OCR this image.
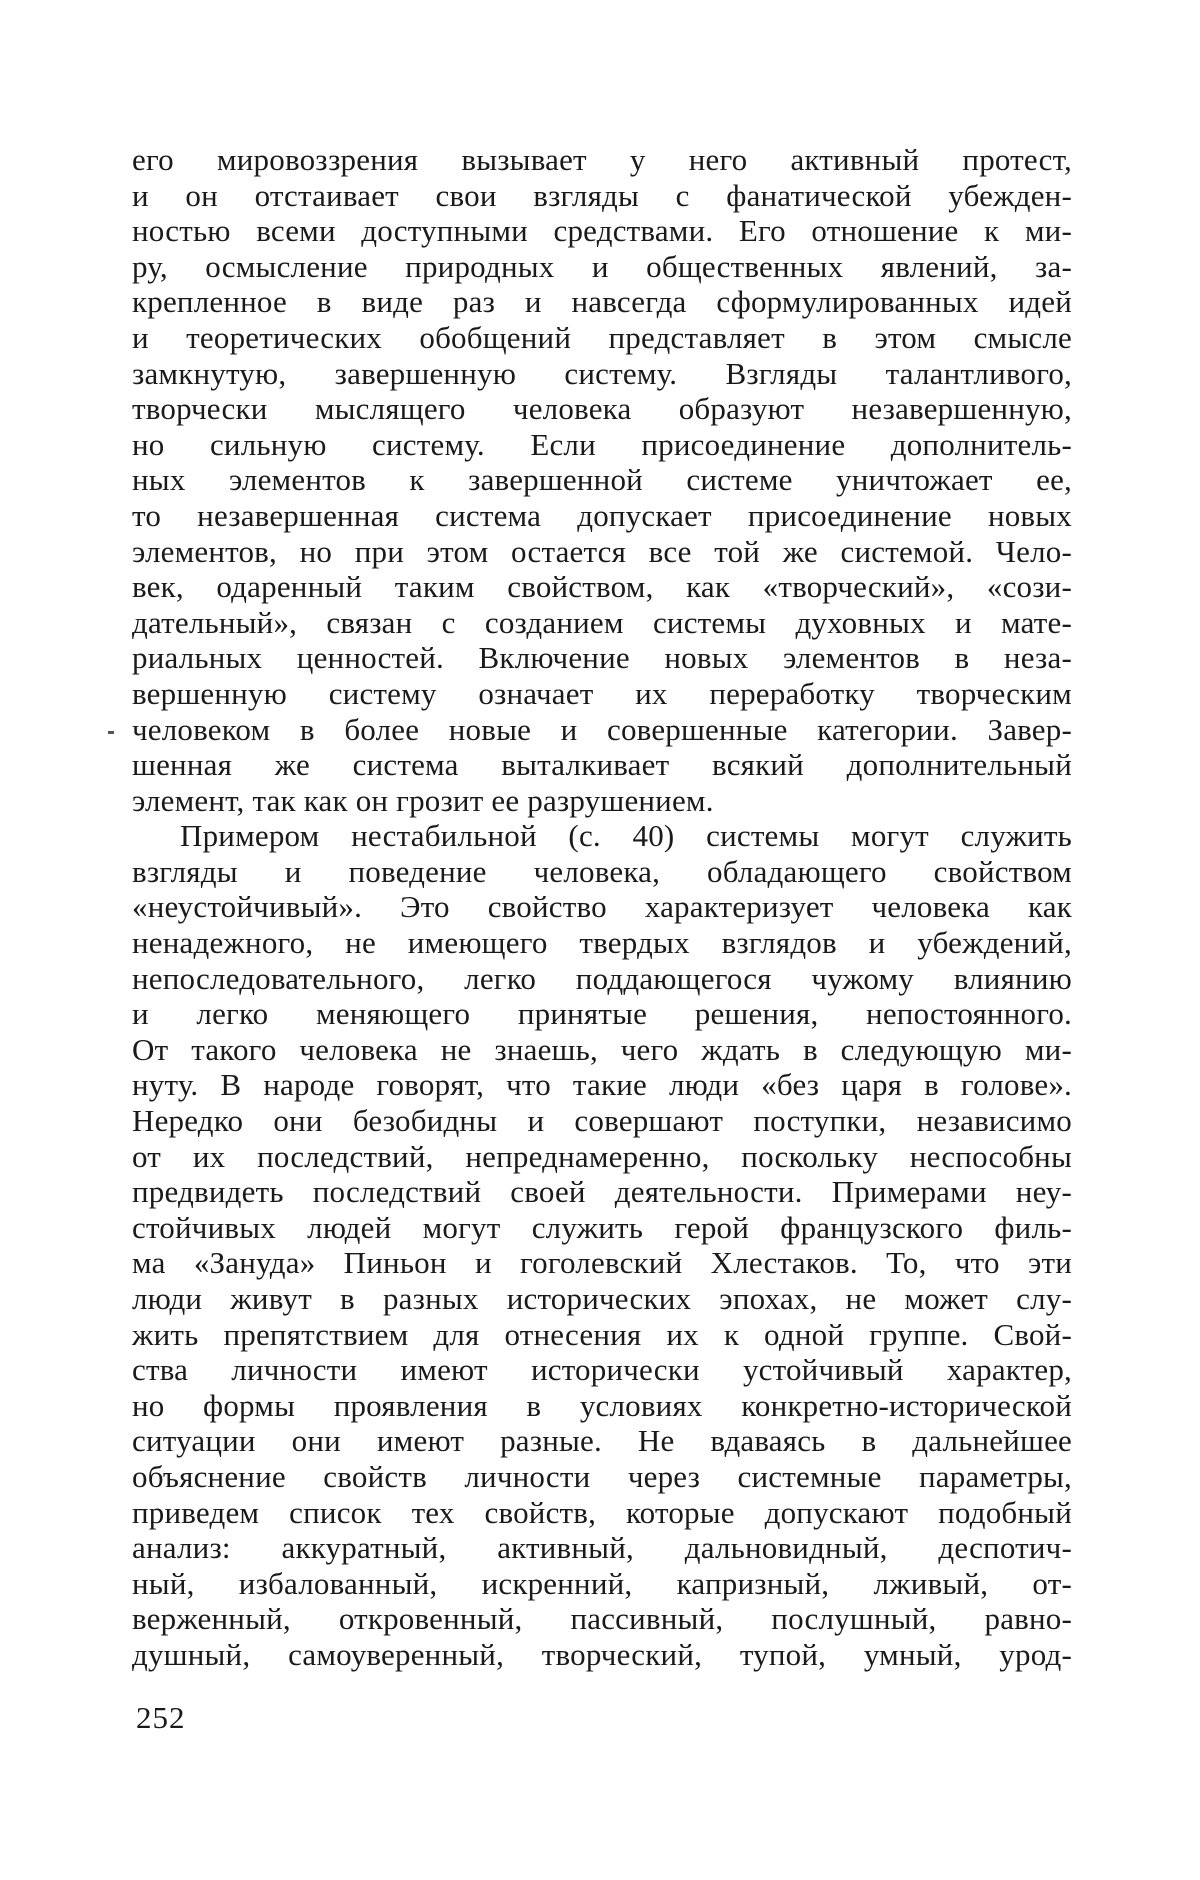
его мировоззрения вызывает у него активный протест,
и он отстаивает свои взгляды с фанатической убежден-
ностью всеми доступными средствами. Его отношение к ми-
ру, осмысление природных и общественных явлений, за-
крепленное в виде раз и навсегда сформулированных идей
и теоретических обобщений представляет в этом смысле
замкнутую, завершенную систему. Взгляды талантливого,
творчески мыслящего человека образуют незавершенную,
но сильную систему. Если присоединение дополнитель-
ных элементов к завершенной системе уничтожает ее,
то незавершенная система допускает присоединение новых
элементов, но при этом остается все той же системой. Чело-
век, одаренный таким свойством, как «творческий», «сози-
дательный», связан с созданием системы духовных и мате-
риальных ценностей. Включение новых элементов в неза-
вершенную систему означает их переработку творческим
человеком в более новые и совершенные категории. Завер-
шенная же система выталкивает всякий дополнительный
элемент, так как он грозит ее разрушением.
Примером нестабильной (с. 40) системы могут служить
взгляды и поведение человека, обладающего свойством
«неустойчивый». Это свойство характеризует человека как
ненадежного, не имеющего твердых взглядов и убеждений,
непоследовательного, легко поддающегося чужому влиянию
и легко меняющего принятые решения, непостоянного.
От такого человека не знаешь, чего ждать в следующую ми-
нуту. В народе говорят, что такие люди «без царя в голове».
Нередко они безобидны и совершают поступки, независимо
от их последствий, непреднамеренно, поскольку неспособны
предвидеть последствий своей деятельности. Примерами неу-
стойчивых людей могут служить герой французского филь-
ма «Зануда» Пиньон и гоголевский Хлестаков. То, что эти
люди живут в разных исторических эпохах, не может слу-
жить препятствием для отнесения их к одной группе. Свой-
ства личности имеют исторически устойчивый характер,
но формы проявления в условиях конкретно-исторической
ситуации они имеют разные. Не вдаваясь в дальнейшее
объяснение свойств личности через системные параметры,
приведем список тех свойств, которые допускают подобный
анализ: аккуратный, активный, дальновидный, деспотич-
ный, избалованный, искренний, капризный, лживый, от-
верженный, откровенный, пассивный, послушный, равно-
душный, самоуверенный, творческий, тупой, умный, урод-
252
